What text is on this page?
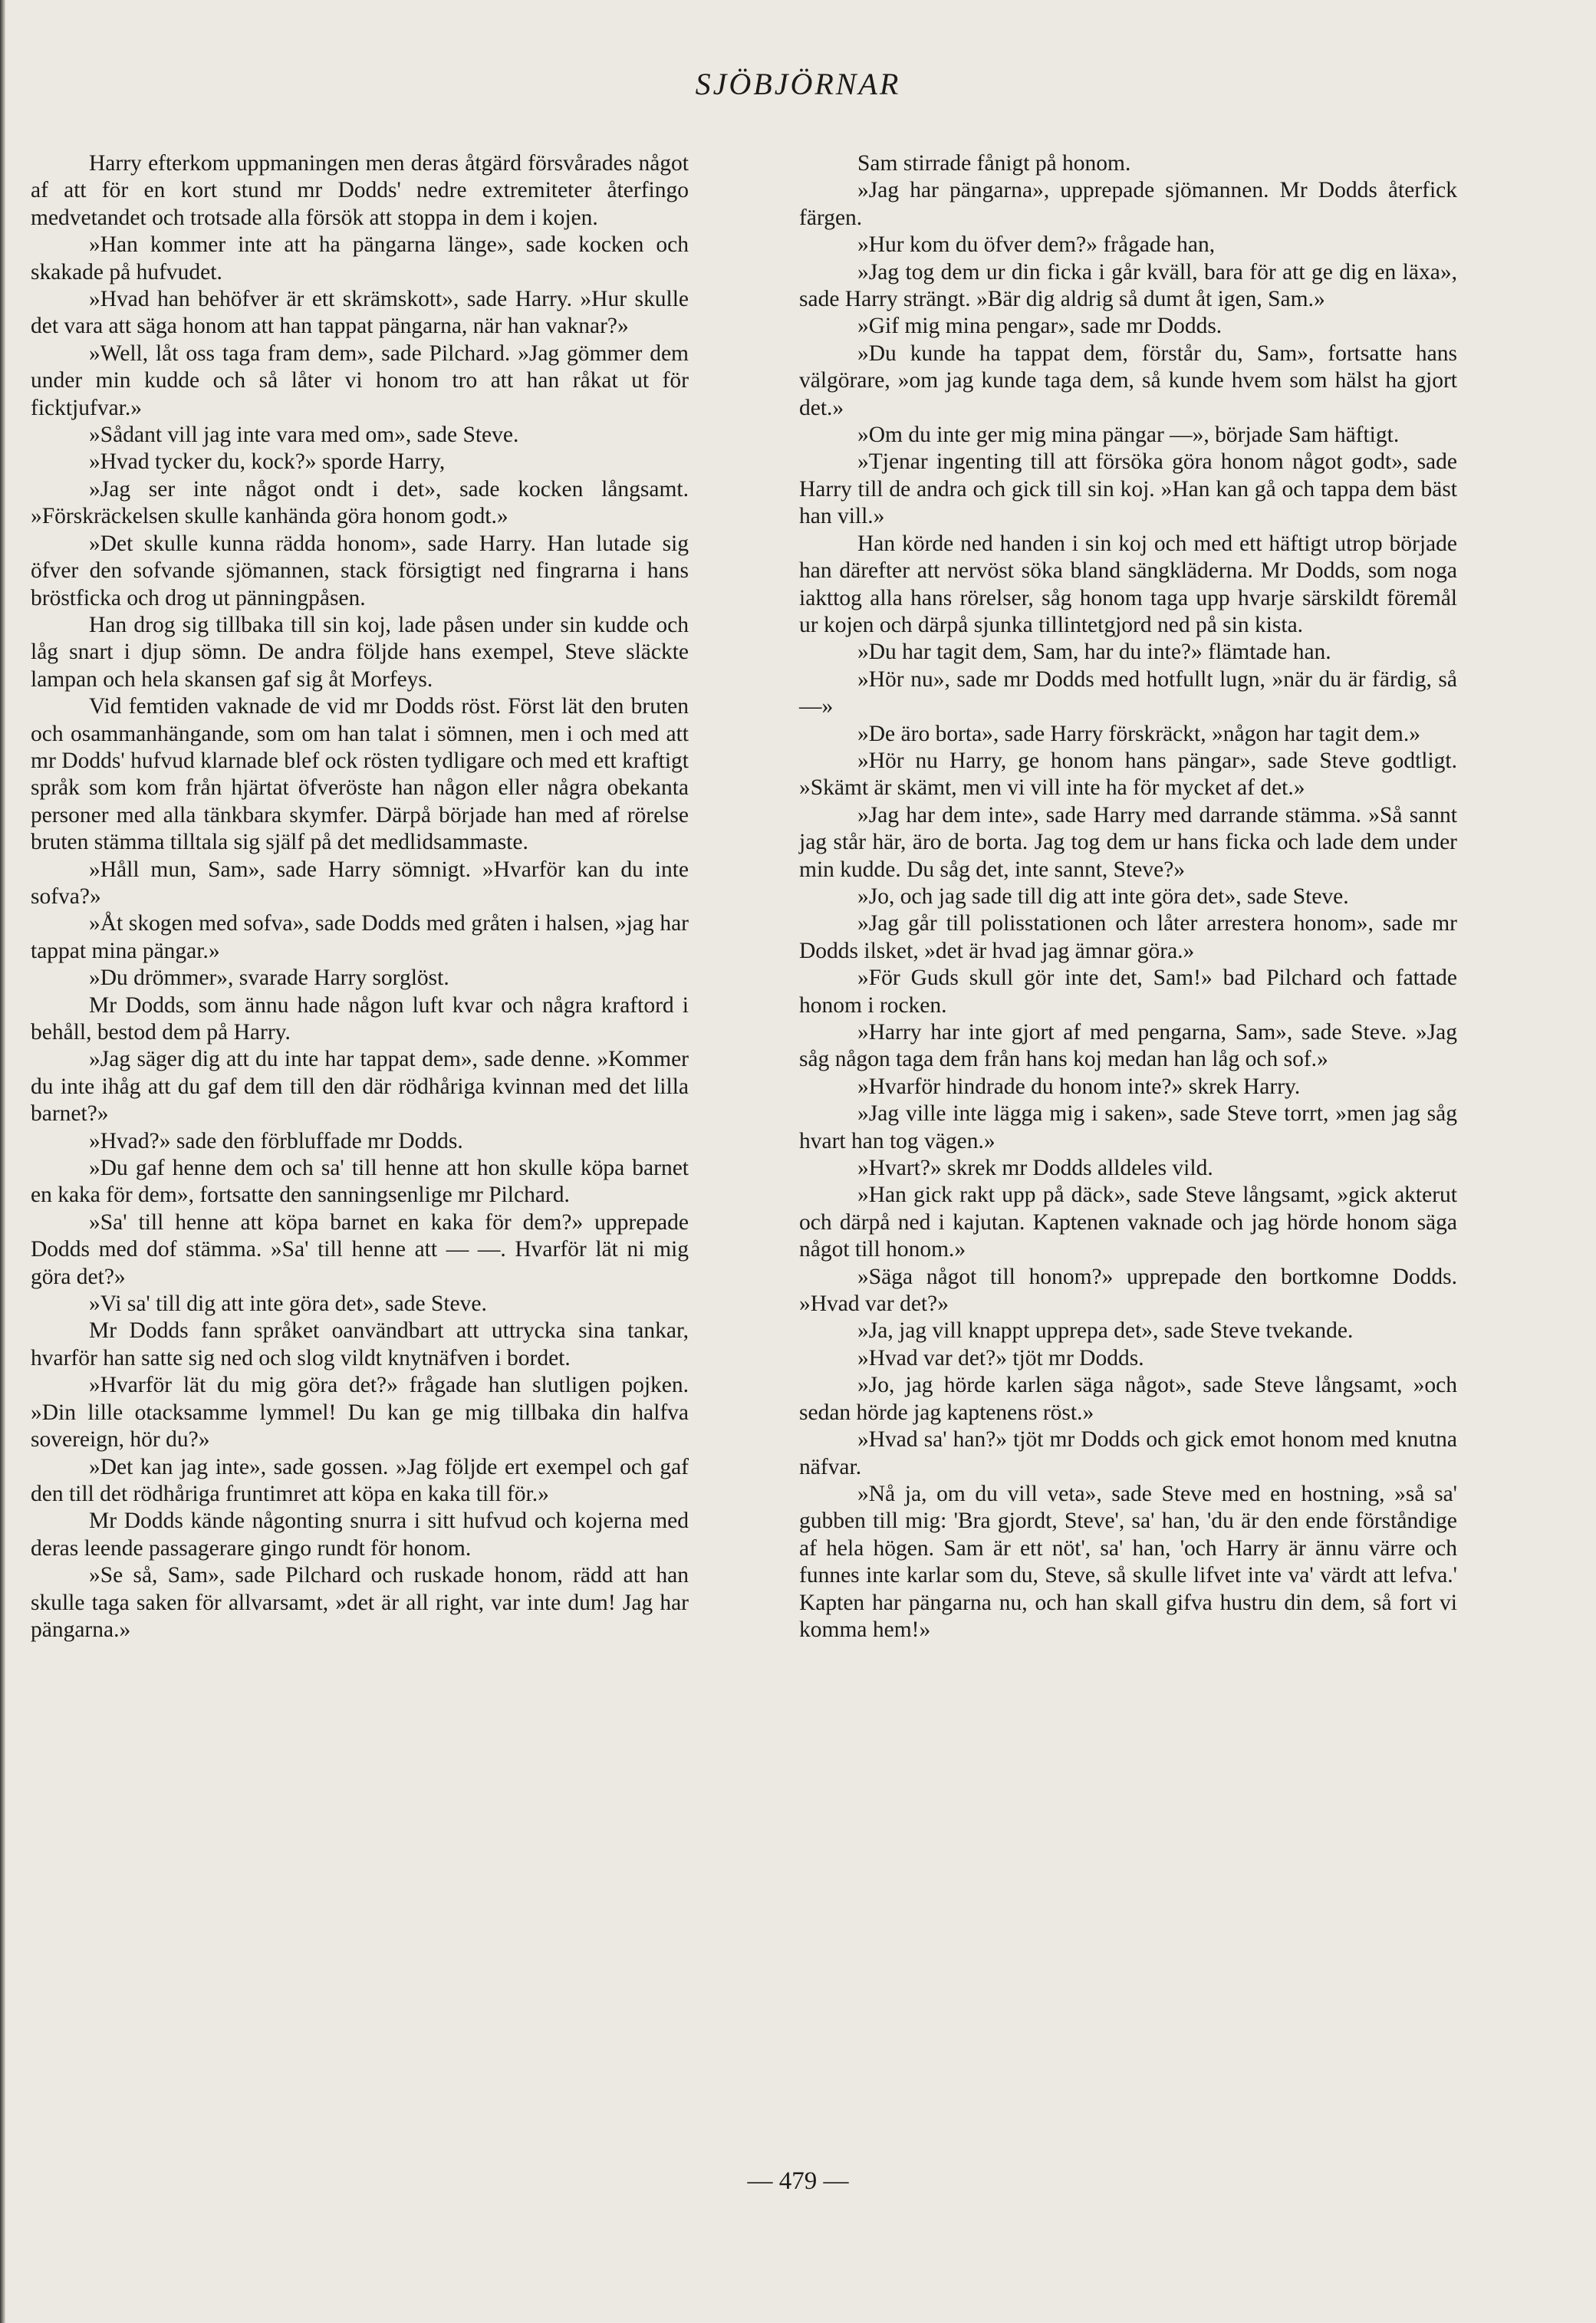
SJÖBJÖRNAR

Harry efterkom uppmaningen men deras åtgärd försvårades något af att för en kort stund mr Dodds' nedre extremiteter återfingo medvetandet och trotsade alla försök att stoppa in dem i kojen.

»Han kommer inte att ha pängarna länge», sade kocken och skakade på hufvudet.

»Hvad han behöfver är ett skrämskott», sade Harry. »Hur skulle det vara att säga honom att han tappat pängarna, när han vaknar?»

»Well, låt oss taga fram dem», sade Pilchard. »Jag gömmer dem under min kudde och så låter vi honom tro att han råkat ut för ficktjufvar.»

»Sådant vill jag inte vara med om», sade Steve.

»Hvad tycker du, kock?» sporde Harry,

»Jag ser inte något ondt i det», sade kocken långsamt. »Förskräckelsen skulle kanhända göra honom godt.»

»Det skulle kunna rädda honom», sade Harry. Han lutade sig öfver den sofvande sjömannen, stack försigtigt ned fingrarna i hans bröstficka och drog ut pänningpåsen.

Han drog sig tillbaka till sin koj, lade påsen under sin kudde och låg snart i djup sömn. De andra följde hans exempel, Steve släckte lampan och hela skansen gaf sig åt Morfeys.

Vid femtiden vaknade de vid mr Dodds röst. Först lät den bruten och osammanhängande, som om han talat i sömnen, men i och med att mr Dodds' hufvud klarnade blef ock rösten tydligare och med ett kraftigt språk som kom från hjärtat öfveröste han någon eller några obekanta personer med alla tänkbara skymfer. Därpå började han med af rörelse bruten stämma tilltala sig själf på det medlidsammaste.

»Håll mun, Sam», sade Harry sömnigt. »Hvarför kan du inte sofva?»

»Åt skogen med sofva», sade Dodds med gråten i halsen, »jag har tappat mina pängar.»

»Du drömmer», svarade Harry sorglöst.

Mr Dodds, som ännu hade någon luft kvar och några kraftord i behåll, bestod dem på Harry.

»Jag säger dig att du inte har tappat dem», sade denne. »Kommer du inte ihåg att du gaf dem till den där rödhåriga kvinnan med det lilla barnet?»

»Hvad?» sade den förbluffade mr Dodds.

»Du gaf henne dem och sa' till henne att hon skulle köpa barnet en kaka för dem», fortsatte den sanningsenlige mr Pilchard.

»Sa' till henne att köpa barnet en kaka för dem?» upprepade Dodds med dof stämma. »Sa' till henne att — —. Hvarför lät ni mig göra det?»

»Vi sa' till dig att inte göra det», sade Steve.

Mr Dodds fann språket oanvändbart att uttrycka sina tankar, hvarför han satte sig ned och slog vildt knytnäfven i bordet.

»Hvarför lät du mig göra det?» frågade han slutligen pojken. »Din lille otacksamme lymmel! Du kan ge mig tillbaka din halfva sovereign, hör du?»

»Det kan jag inte», sade gossen. »Jag följde ert exempel och gaf den till det rödhåriga fruntimret att köpa en kaka till för.»

Mr Dodds kände någonting snurra i sitt hufvud och kojerna med deras leende passagerare gingo rundt för honom.

»Se så, Sam», sade Pilchard och ruskade honom, rädd att han skulle taga saken för allvarsamt, »det är all right, var inte dum! Jag har pängarna.»

Sam stirrade fånigt på honom.

»Jag har pängarna», upprepade sjömannen. Mr Dodds återfick färgen.

»Hur kom du öfver dem?» frågade han,

»Jag tog dem ur din ficka i går kväll, bara för att ge dig en läxa», sade Harry strängt. »Bär dig aldrig så dumt åt igen, Sam.»

»Gif mig mina pengar», sade mr Dodds.

»Du kunde ha tappat dem, förstår du, Sam», fortsatte hans välgörare, »om jag kunde taga dem, så kunde hvem som hälst ha gjort det.»

»Om du inte ger mig mina pängar —», började Sam häftigt.

»Tjenar ingenting till att försöka göra honom något godt», sade Harry till de andra och gick till sin koj. »Han kan gå och tappa dem bäst han vill.»

Han körde ned handen i sin koj och med ett häftigt utrop började han därefter att nervöst söka bland sängkläderna. Mr Dodds, som noga iakttog alla hans rörelser, såg honom taga upp hvarje särskildt föremål ur kojen och därpå sjunka tillintetgjord ned på sin kista.

»Du har tagit dem, Sam, har du inte?» flämtade han.

»Hör nu», sade mr Dodds med hotfullt lugn, »när du är färdig, så —»

»De äro borta», sade Harry förskräckt, »någon har tagit dem.»

»Hör nu Harry, ge honom hans pängar», sade Steve godtligt. »Skämt är skämt, men vi vill inte ha för mycket af det.»

»Jag har dem inte», sade Harry med darrande stämma. »Så sannt jag står här, äro de borta. Jag tog dem ur hans ficka och lade dem under min kudde. Du såg det, inte sannt, Steve?»

»Jo, och jag sade till dig att inte göra det», sade Steve.

»Jag går till polisstationen och låter arrestera honom», sade mr Dodds ilsket, »det är hvad jag ämnar göra.»

»För Guds skull gör inte det, Sam!» bad Pilchard och fattade honom i rocken.

»Harry har inte gjort af med pengarna, Sam», sade Steve. »Jag såg någon taga dem från hans koj medan han låg och sof.»

»Hvarför hindrade du honom inte?» skrek Harry.

»Jag ville inte lägga mig i saken», sade Steve torrt, »men jag såg hvart han tog vägen.»

»Hvart?» skrek mr Dodds alldeles vild.

»Han gick rakt upp på däck», sade Steve långsamt, »gick akterut och därpå ned i kajutan. Kaptenen vaknade och jag hörde honom säga något till honom.»

»Säga något till honom?» upprepade den bortkomne Dodds. »Hvad var det?»

»Ja, jag vill knappt upprepa det», sade Steve tvekande.

»Hvad var det?» tjöt mr Dodds.

»Jo, jag hörde karlen säga något», sade Steve långsamt, »och sedan hörde jag kaptenens röst.»

»Hvad sa' han?» tjöt mr Dodds och gick emot honom med knutna näfvar.

»Nå ja, om du vill veta», sade Steve med en hostning, »så sa' gubben till mig: 'Bra gjordt, Steve', sa' han, 'du är den ende förståndige af hela högen. Sam är ett nöt', sa' han, 'och Harry är ännu värre och funnes inte karlar som du, Steve, så skulle lifvet inte va' värdt att lefva.' Kapten har pängarna nu, och han skall gifva hustru din dem, så fort vi komma hem!»

— 479 —
